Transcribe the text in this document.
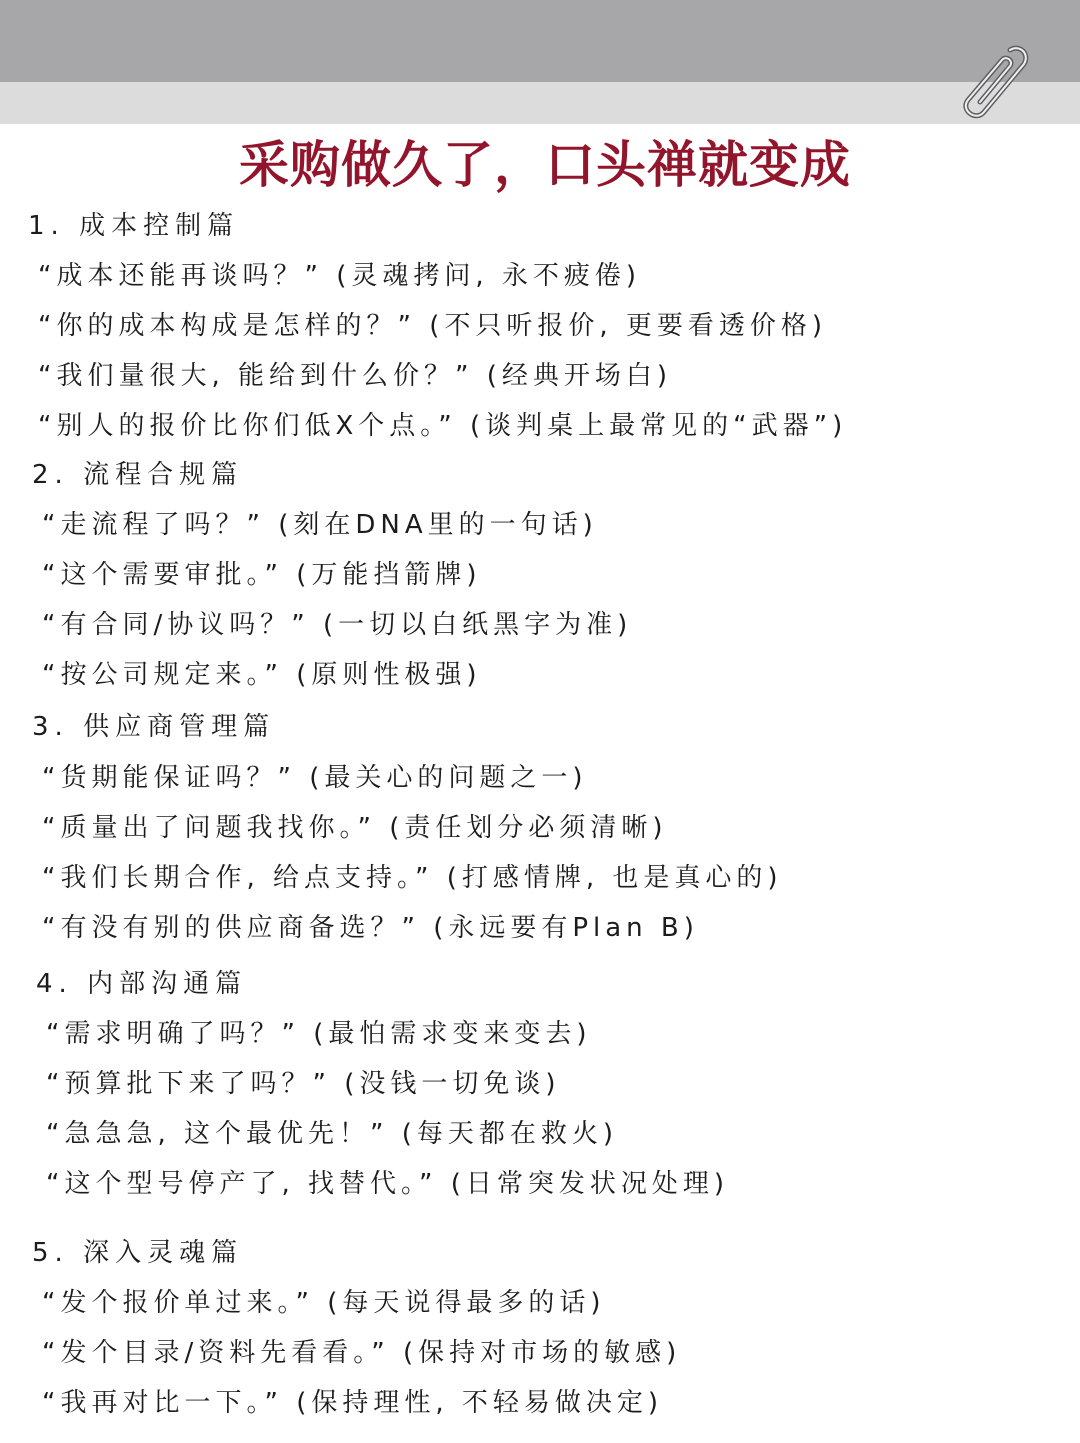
采购做久了，口头禅就变成
1. 成本控制篇
“成本还能再谈吗？” (灵魂拷问, 永不疲倦)
“你的成本构成是怎样的？” (不只听报价, 更要看透价格)
“我们量很大, 能给到什么价？” (经典开场白)
“别人的报价比你们低X个点。” (谈判桌上最常见的“武器”)
2. 流程合规篇
“走流程了吗？” (刻在DNA里的一句话)
“这个需要审批。” (万能挡箭牌)
“有合同/协议吗？” (一切以白纸黑字为准)
“按公司规定来。” (原则性极强)
3. 供应商管理篇
“货期能保证吗？” (最关心的问题之一)
“质量出了问题我找你。” (责任划分必须清晰)
“我们长期合作, 给点支持。” (打感情牌, 也是真心的)
“有没有别的供应商备选？” (永远要有Plan B)
4. 内部沟通篇
“需求明确了吗？” (最怕需求变来变去)
“预算批下来了吗？” (没钱一切免谈)
“急急急, 这个最优先！” (每天都在救火)
“这个型号停产了, 找替代。” (日常突发状况处理)
5. 深入灵魂篇
“发个报价单过来。” (每天说得最多的话)
“发个目录/资料先看看。” (保持对市场的敏感)
“我再对比一下。” (保持理性, 不轻易做决定)
